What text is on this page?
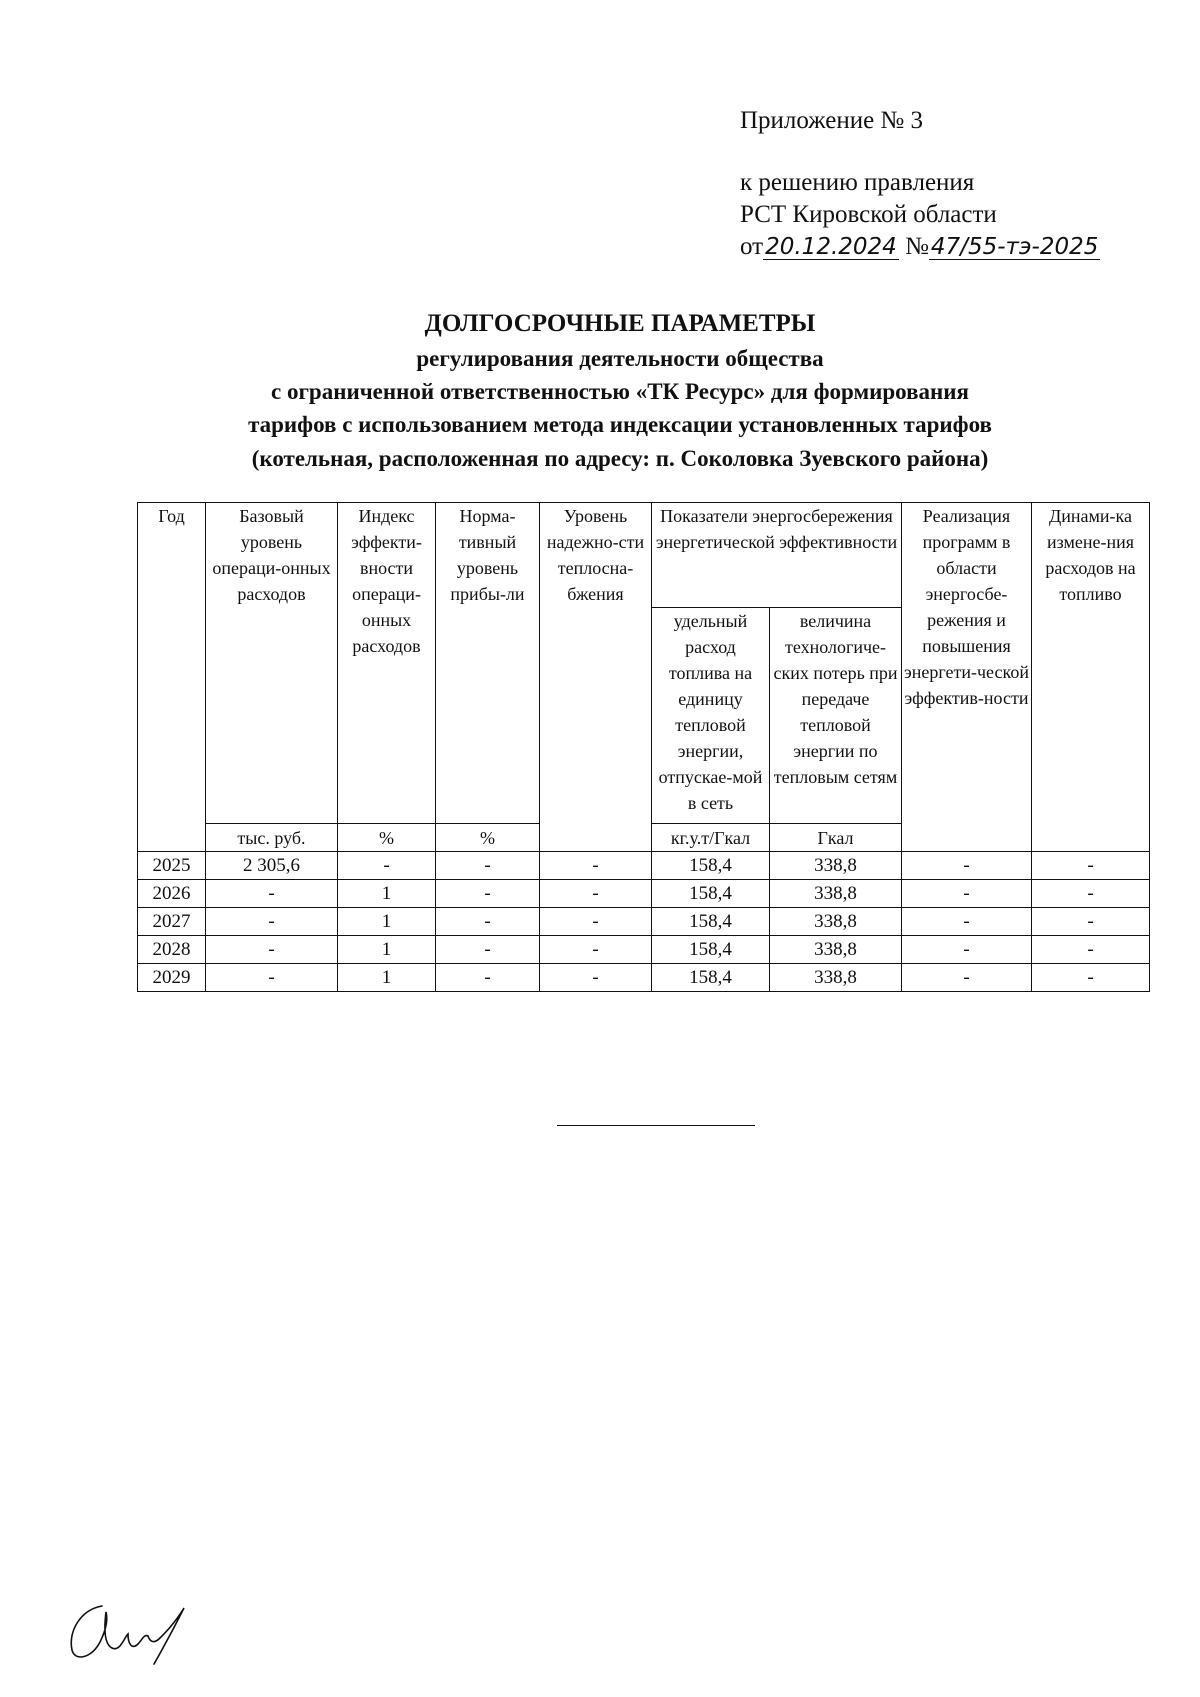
Приложение № 3
к решению правления
РСТ Кировской области
от20.12.2024 №47/55-тэ-2025
ДОЛГОСРОЧНЫЕ ПАРАМЕТРЫ
регулирования деятельности общества
с ограниченной ответственностью «ТК Ресурс» для формирования
тарифов с использованием метода индексации установленных тарифов
(котельная, расположенная по адресу: п. Соколовка Зуевского района)
Год	Базовый уровень операци-онных расходов	Индекс эффекти-вности операци-онных расходов	Норма-тивный уровень прибы-ли	Уровень надежно-сти теплосна-бжения	Показатели энергосбережения энергетической эффективности		Реализация программ в области энергосбе-режения и повышения энергети-ческой эффектив-ности	Динами-ка измене-ния расходов на топливо
					удельный расход топлива на единицу тепловой энергии, отпускае-мой в сеть	величина технологиче-ских потерь при передаче тепловой энергии по тепловым сетям		
	тыс. руб.	%	%		кг.у.т/Гкал	Гкал		
2025	2 305,6	-	-	-	158,4	338,8	-	-
2026	-	1	-	-	158,4	338,8	-	-
2027	-	1	-	-	158,4	338,8	-	-
2028	-	1	-	-	158,4	338,8	-	-
2029	-	1	-	-	158,4	338,8	-	-
